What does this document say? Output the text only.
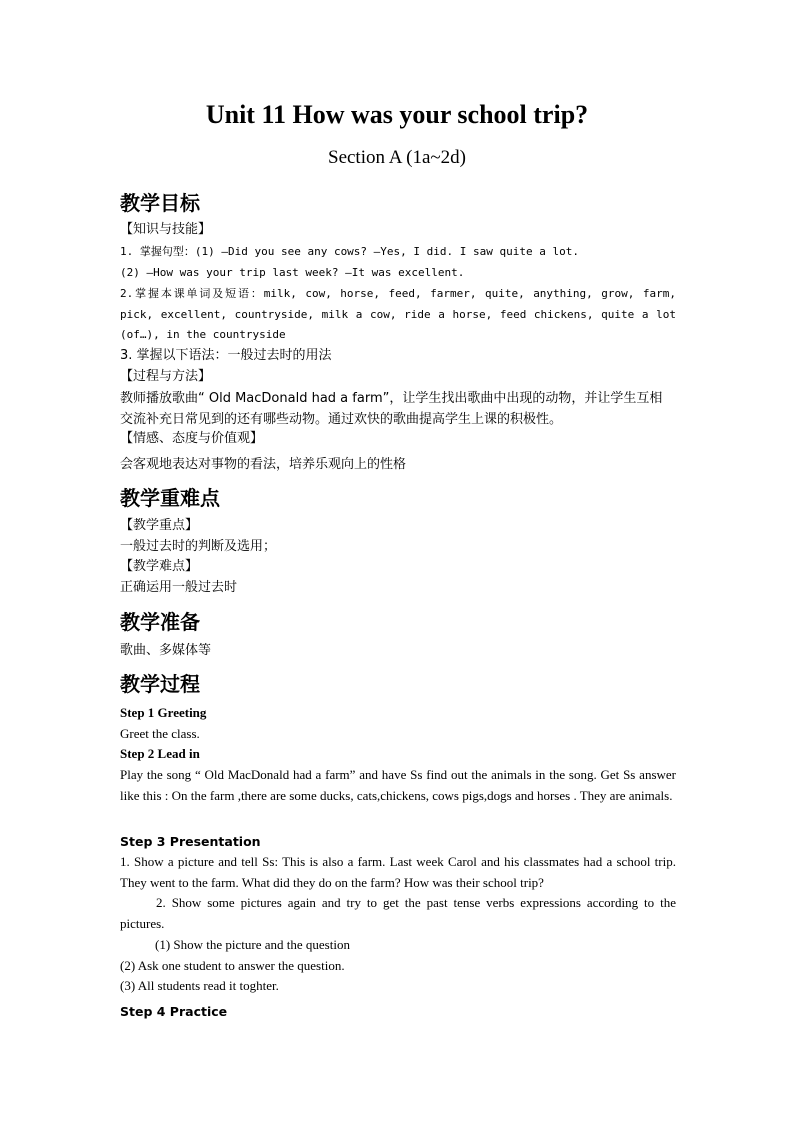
Unit 11 How was your school trip?
Section A (1a~2d)
教学目标
【知识与技能】
1. 掌握句型：(1) —Did you see any cows? —Yes, I did. I saw quite a lot.
(2) —How was your trip last week? —It was excellent.
2.掌握本课单词及短语：milk, cow, horse, feed, farmer, quite, anything, grow, farm, pick, excellent, countryside, milk a cow, ride a horse, feed chickens, quite a lot (of…), in the countryside
3. 掌握以下语法：一般过去时的用法
【过程与方法】
教师播放歌曲“ Old MacDonald had a farm”，让学生找出歌曲中出现的动物，并让学生互相交流补充日常见到的还有哪些动物。通过欢快的歌曲提高学生上课的积极性。
【情感、态度与价值观】
会客观地表达对事物的看法，培养乐观向上的性格
教学重难点
【教学重点】
一般过去时的判断及选用；
【教学难点】
正确运用一般过去时
教学准备
歌曲、多媒体等
教学过程
Step 1 Greeting
Greet the class.
Step 2 Lead in
Play the song “ Old MacDonald had a farm” and have Ss find out the animals in the song. Get Ss answer like this : On the farm ,there are some ducks, cats,chickens, cows pigs,dogs and horses . They are animals.
Step 3 Presentation
1. Show a picture and tell Ss: This is also a farm. Last week Carol and his classmates had a school trip. They went to the farm. What did they do on the farm? How was their school trip?
2. Show some pictures again and try to get the past tense verbs expressions according to the pictures.
(1) Show the picture and the question
(2) Ask one student to answer the question.
(3) All students read it toghter.
Step 4 Practice
